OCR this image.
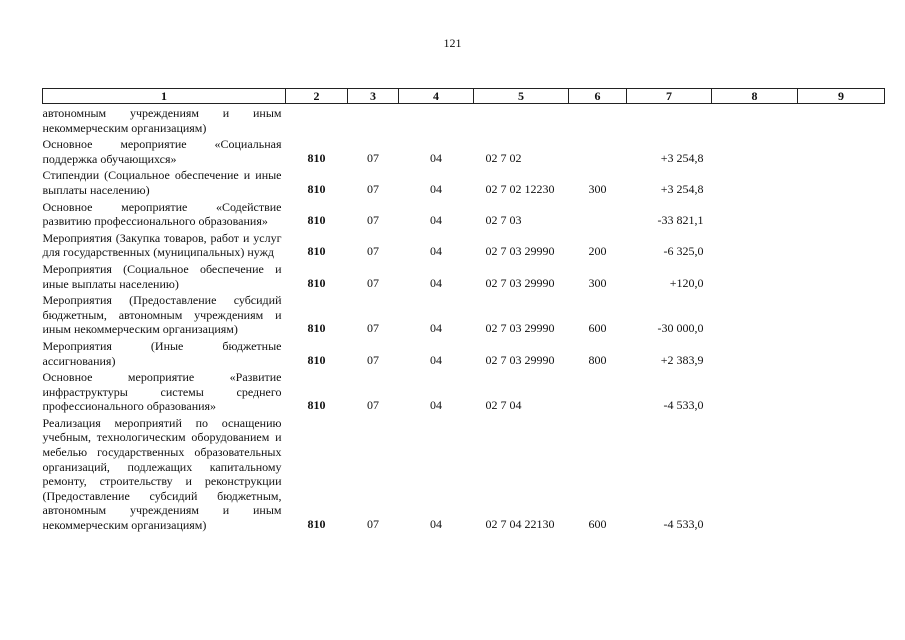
121
1	2	3	4	5	6	7	8	9
автономным учреждениям и иным некоммерческим организациям)								
Основное мероприятие «Социальная поддержка обучающихся»	810	07	04	02 7 02		+3 254,8		
Стипендии (Социальное обеспечение и иные выплаты населению)	810	07	04	02 7 02 12230	300	+3 254,8		
Основное мероприятие «Содействие развитию профессионального образования»	810	07	04	02 7 03		-33 821,1		
Мероприятия (Закупка товаров, работ и услуг для государственных (муниципальных) нужд	810	07	04	02 7 03 29990	200	-6 325,0		
Мероприятия (Социальное обеспечение и иные выплаты населению)	810	07	04	02 7 03 29990	300	+120,0		
Мероприятия (Предоставление субсидий бюджетным, автономным учреждениям и иным некоммерческим организациям)	810	07	04	02 7 03 29990	600	-30 000,0		
Мероприятия (Иные бюджетные ассигнования)	810	07	04	02 7 03 29990	800	+2 383,9		
Основное мероприятие «Развитие инфраструктуры системы среднего профессионального образования»	810	07	04	02 7 04		-4 533,0		
Реализация мероприятий по оснащению учебным, технологическим оборудованием и мебелью государственных образовательных организаций, подлежащих капитальному ремонту, строительству и реконструкции (Предоставление субсидий бюджетным, автономным учреждениям и иным некоммерческим организациям)	810	07	04	02 7 04 22130	600	-4 533,0		
